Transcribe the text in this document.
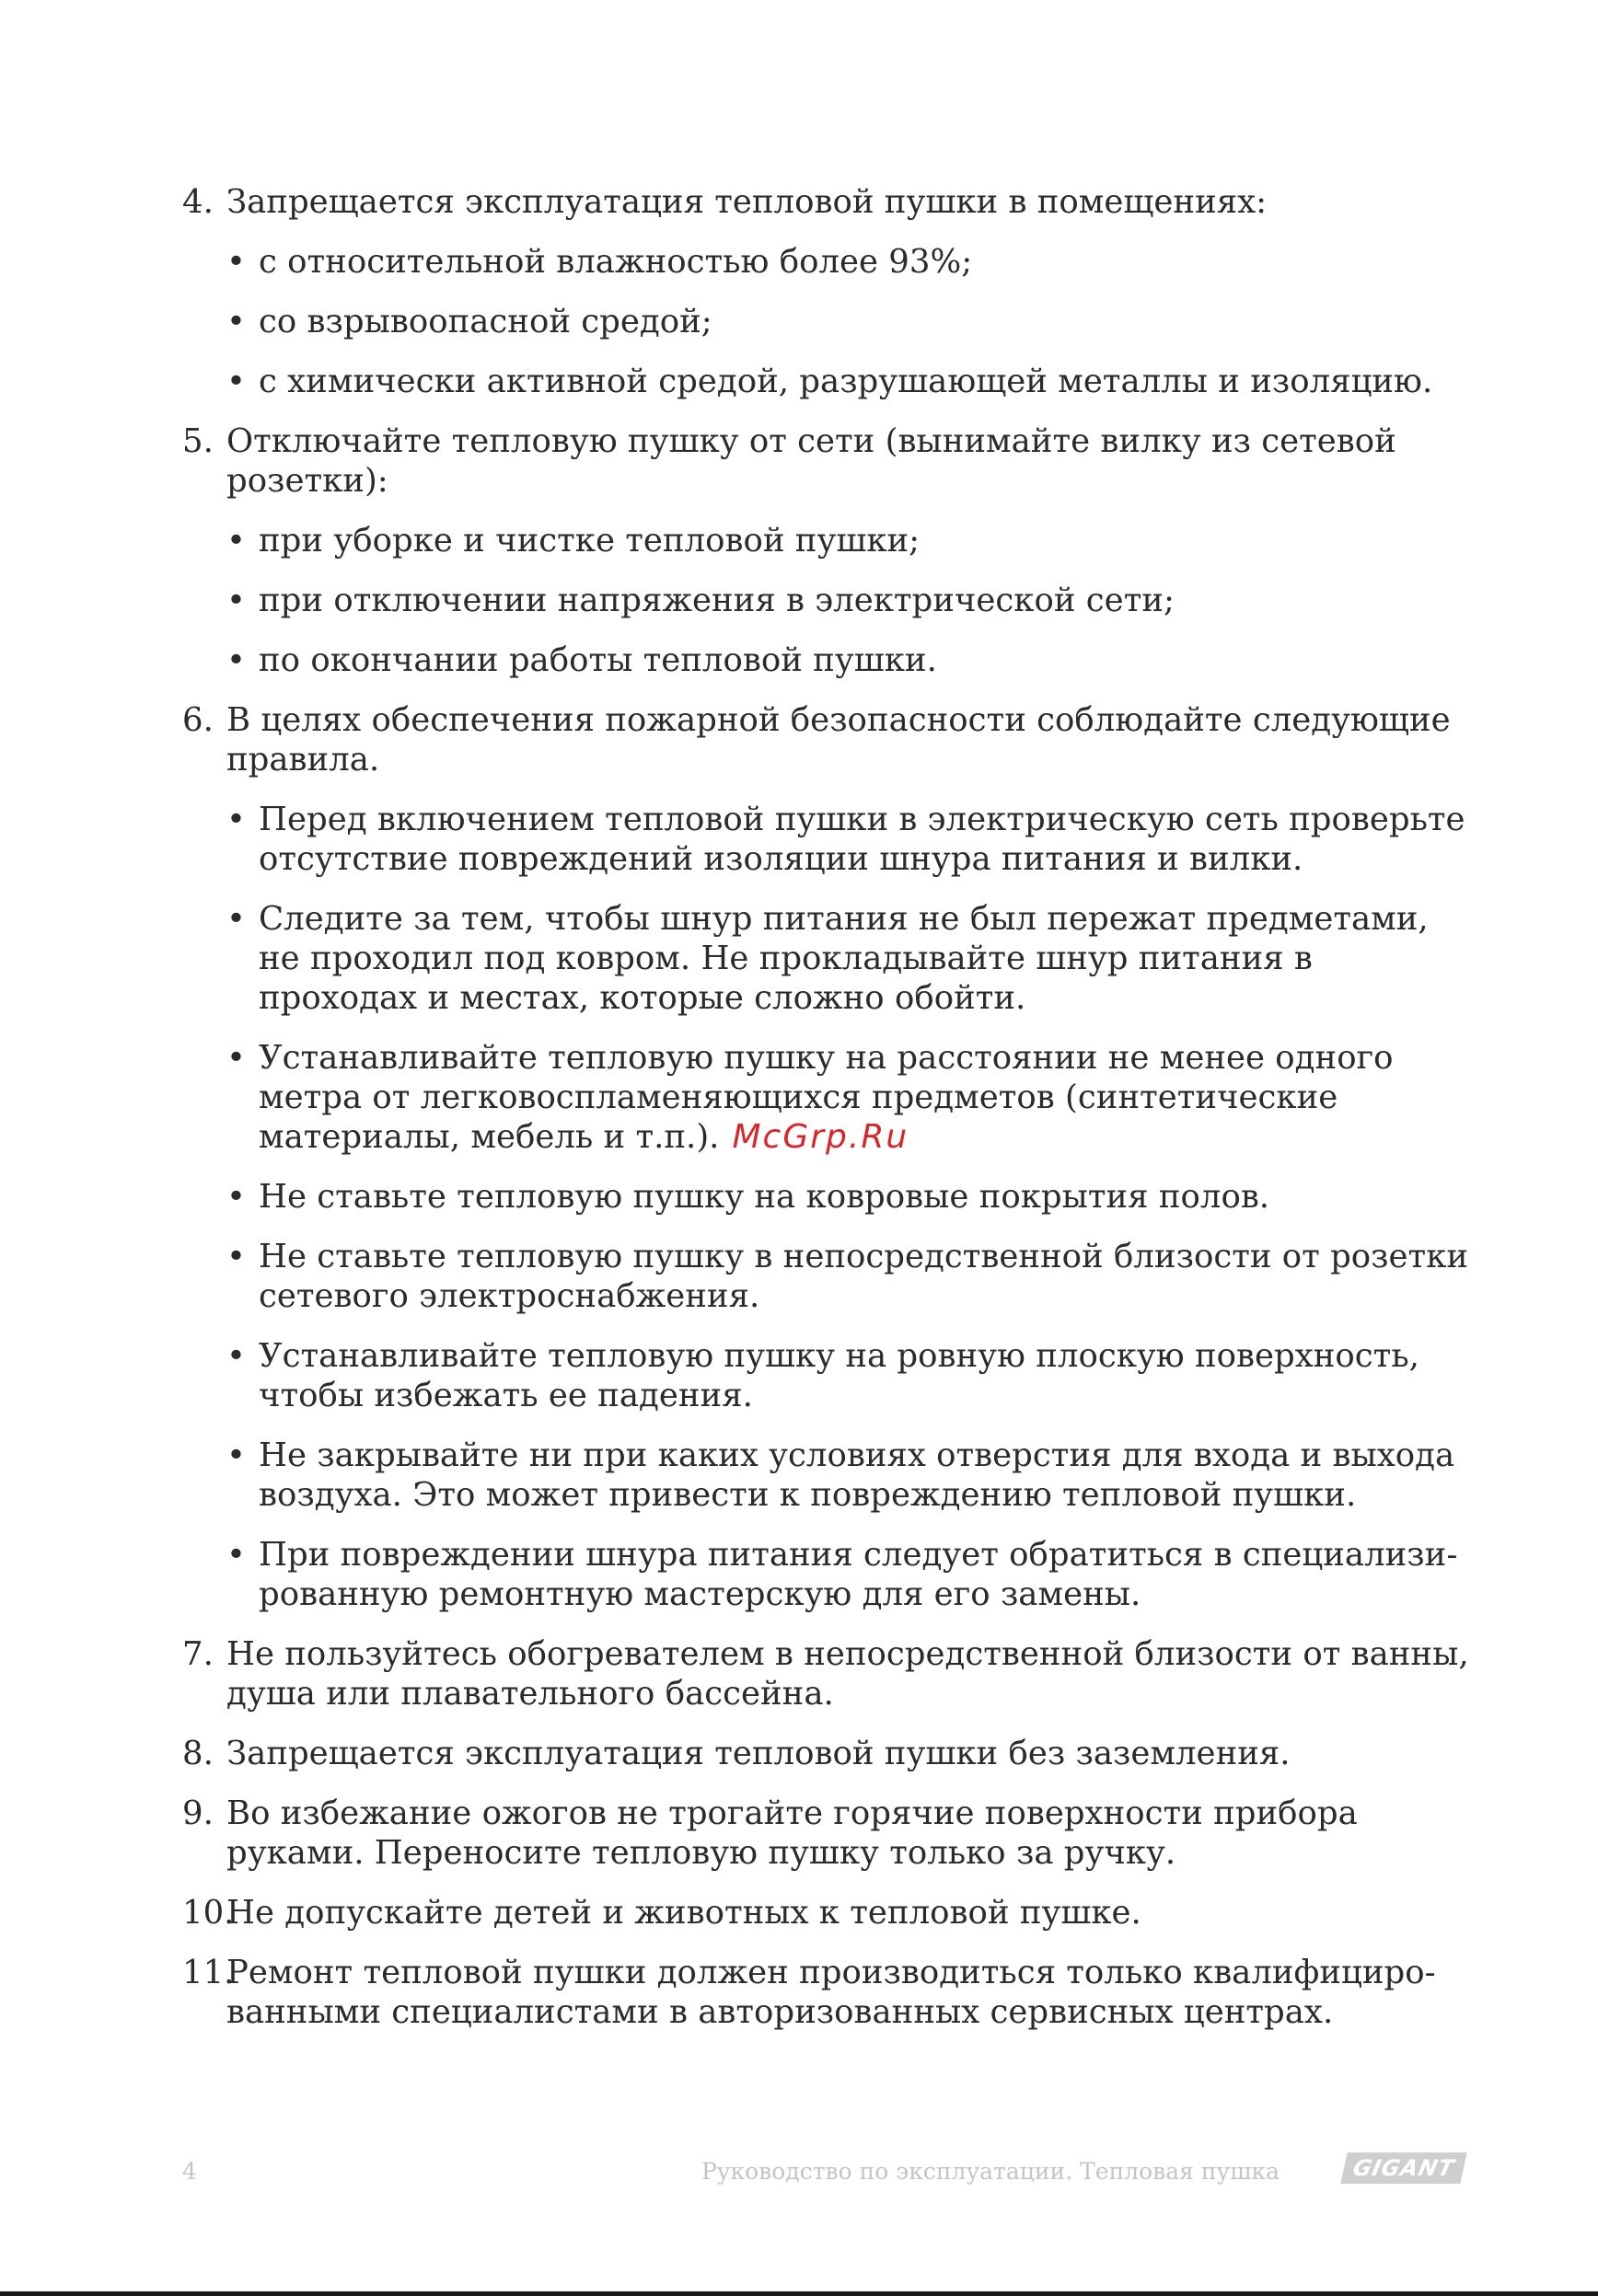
4. Запрещается эксплуатация тепловой пушки в помещениях:
•
с относительной влажностью более 93%;
•
со взрывоопасной средой;
•
с химически активной средой, разрушающей металлы и изоляцию.
5. Отключайте тепловую пушку от сети (вынимайте вилку из сетевой розетки):
•
при уборке и чистке тепловой пушки;
•
при отключении напряжения в электрической сети;
•
по окончании работы тепловой пушки.
6. В целях обеспечения пожарной безопасности соблюдайте следующие правила.
•
Перед включением тепловой пушки в электрическую сеть проверьте отсутствие повреждений изоляции шнура питания и вилки.
•
Следите за тем, чтобы шнур питания не был пережат предметами, не проходил под ковром. Не прокладывайте шнур питания в проходах и местах, которые сложно обойти.
•
Устанавливайте тепловую пушку на расстоянии не менее одного метра от легковоспламеняющихся предметов (синтетические материалы, мебель и т.п.). McGrp.Ru
•
Не ставьте тепловую пушку на ковровые покрытия полов.
•
Не ставьте тепловую пушку в непосредственной близости от розетки сетевого электроснабжения.
•
Устанавливайте тепловую пушку на ровную плоскую поверхность, чтобы избежать ее падения.
•
Не закрывайте ни при каких условиях отверстия для входа и выхода воздуха. Это может привести к повреждению тепловой пушки.
•
При повреждении шнура питания следует обратиться в специализи-рованную ремонтную мастерскую для его замены.
7. Не пользуйтесь обогревателем в непосредственной близости от ванны, душа или плавательного бассейна.
8. Запрещается эксплуатация тепловой пушки без заземления.
9. Во избежание ожогов не трогайте горячие поверхности прибора руками. Переносите тепловую пушку только за ручку.
10.
Не допускайте детей и животных к тепловой пушке.
11.
Ремонт тепловой пушки должен производиться только квалифициро-ванными специалистами в авторизованных сервисных центрах.
4	Руководство по эксплуатации. Тепловая пушка	GIGANT
